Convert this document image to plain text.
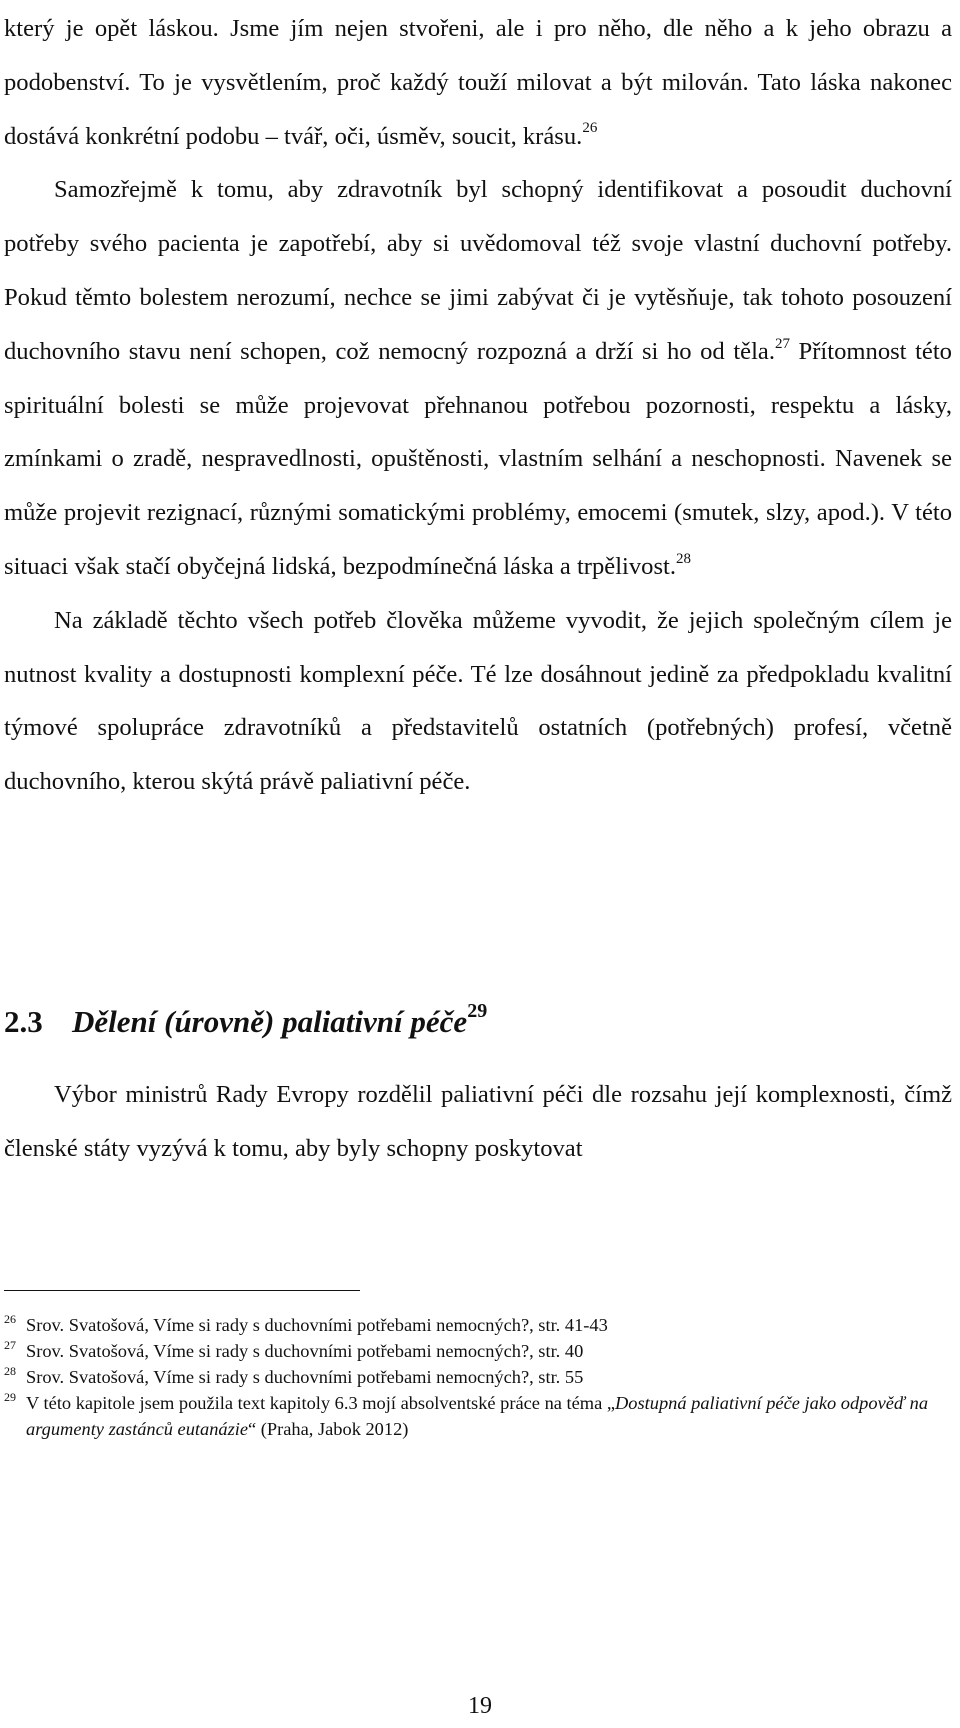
který je opět láskou. Jsme jím nejen stvořeni, ale i pro něho, dle něho a k jeho obrazu a podobenství. To je vysvětlením, proč každý touží milovat a být milován. Tato láska nakonec dostává konkrétní podobu – tvář, oči, úsměv, soucit, krásu.$^{26}$

Samozřejmě k tomu, aby zdravotník byl schopný identifikovat a posoudit duchovní potřeby svého pacienta je zapotřebí, aby si uvědomoval též svoje vlastní duchovní potřeby. Pokud těmto bolestem nerozumí, nechce se jimi zabývat či je vytěsňuje, tak tohoto posouzení duchovního stavu není schopen, což nemocný rozpozná a drží si ho od těla.$^{27}$ Přítomnost této spirituální bolesti se může projevovat přehnanou potřebou pozornosti, respektu a lásky, zmínkami o zradě, nespravedlnosti, opuštěnosti, vlastním selhání a neschopnosti. Navenek se může projevit rezignací, různými somatickými problémy, emocemi (smutek, slzy, apod.). V této situaci však stačí obyčejná lidská, bezpodmínečná láska a trpělivost.$^{28}$

Na základě těchto všech potřeb člověka můžeme vyvodit, že jejich společným cílem je nutnost kvality a dostupnosti komplexní péče. Té lze dosáhnout jedině za předpokladu kvalitní týmové spolupráce zdravotníků a představitelů ostatních (potřebných) profesí, včetně duchovního, kterou skýtá právě paliativní péče.

2.3 Dělení (úrovně) paliativní péče$^{29}$

Výbor ministrů Rady Evropy rozdělil paliativní péči dle rozsahu její komplexnosti, čímž členské státy vyzývá k tomu, aby byly schopny poskytovat

$^{26}$ Srov. Svatošová, Víme si rady s duchovními potřebami nemocných?, str. 41-43

$^{27}$ Srov. Svatošová, Víme si rady s duchovními potřebami nemocných?, str. 40

$^{28}$ Srov. Svatošová, Víme si rady s duchovními potřebami nemocných?, str. 55

$^{29}$ V této kapitole jsem použila text kapitoly 6.3 mojí absolventské práce na téma „Dostupná paliativní péče jako odpověď na argumenty zastánců eutanázie“ (Praha, Jabok 2012)

19
